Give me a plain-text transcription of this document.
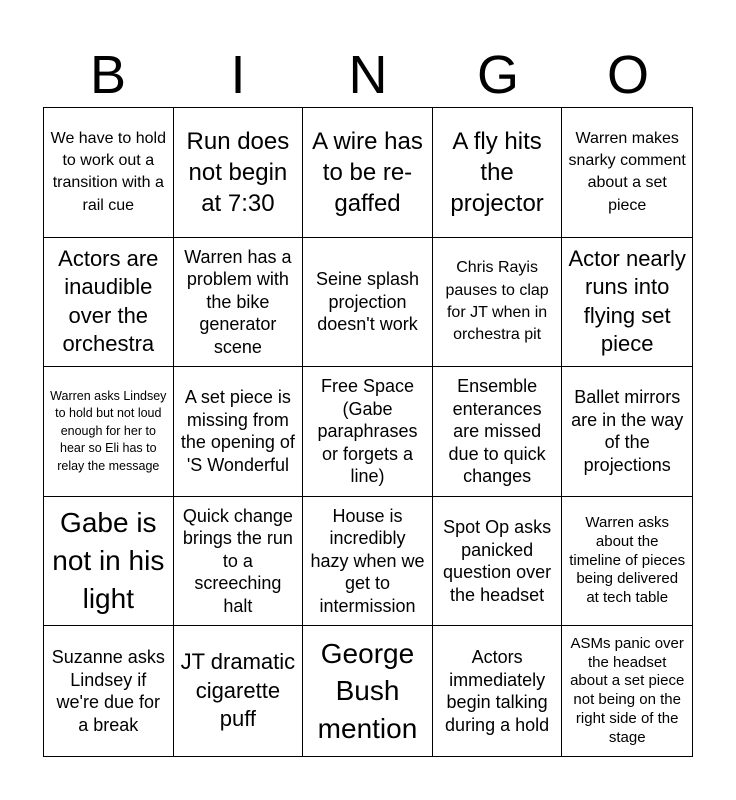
B	I	N	G	O
We have to hold to work out a transition with a rail cue
Run does not begin at 7:30
A wire has to be re-gaffed
A fly hits the projector
Warren makes snarky comment about a set piece
Actors are inaudible over the orchestra
Warren has a problem with the bike generator scene
Seine splash projection doesn't work
Chris Rayis pauses to clap for JT when in orchestra pit
Actor nearly runs into flying set piece
Warren asks Lindsey to hold but not loud enough for her to hear so Eli has to relay the message
A set piece is missing from the opening of 'S Wonderful
Free Space (Gabe paraphrases or forgets a line)
Ensemble enterances are missed due to quick changes
Ballet mirrors are in the way of the projections
Gabe is not in his light
Quick change brings the run to a screeching halt
House is incredibly hazy when we get to intermission
Spot Op asks panicked question over the headset
Warren asks about the timeline of pieces being delivered at tech table
Suzanne asks Lindsey if we're due for a break
JT dramatic cigarette puff
George Bush mention
Actors immediately begin talking during a hold
ASMs panic over the headset about a set piece not being on the right side of the stage
